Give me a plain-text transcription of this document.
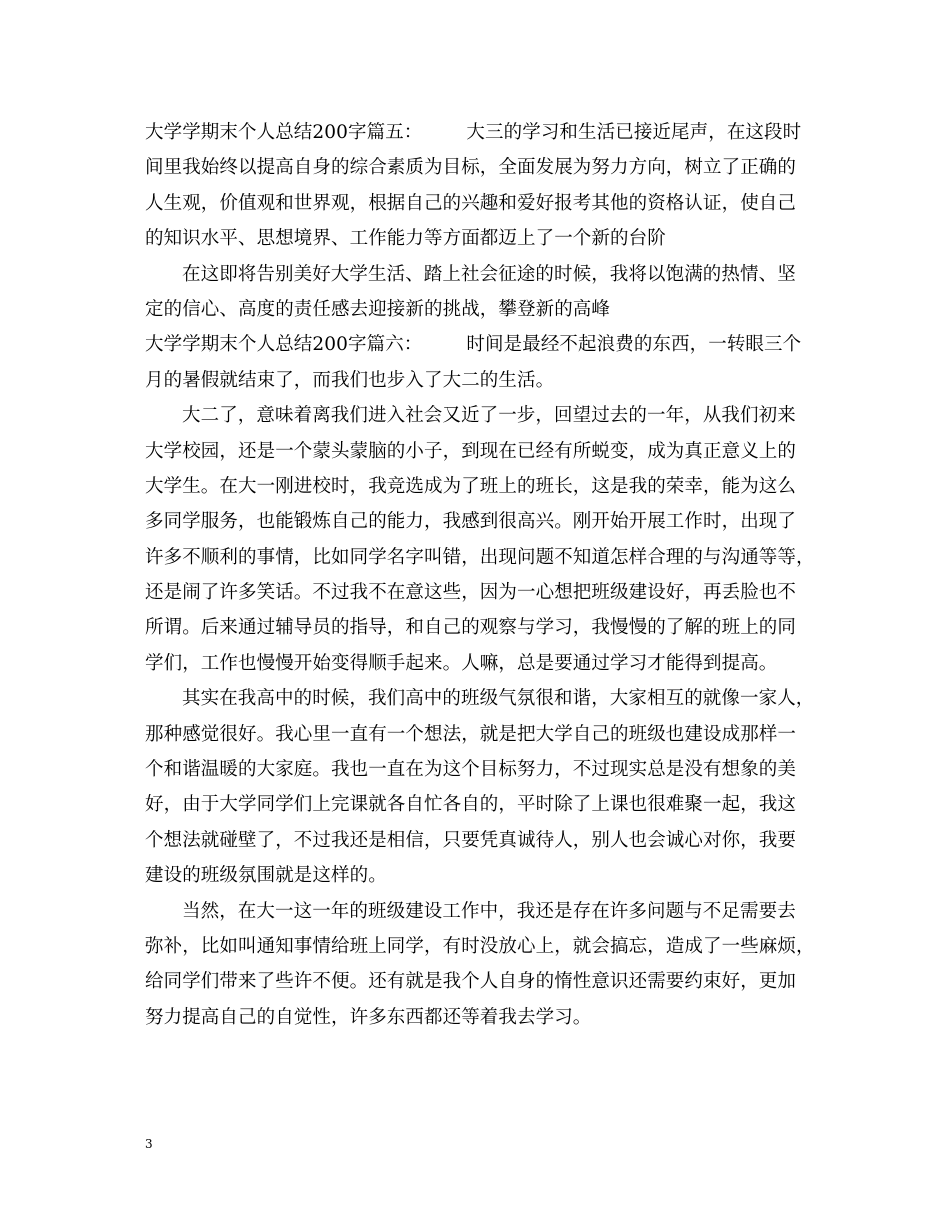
大学学期末个人总结200字篇五： 大三的学习和生活已接近尾声，在这段时
间里我始终以提高自身的综合素质为目标，全面发展为努力方向，树立了正确的
人生观，价值观和世界观，根据自己的兴趣和爱好报考其他的资格认证，使自己
的知识水平、思想境界、工作能力等方面都迈上了一个新的台阶
在这即将告别美好大学生活、踏上社会征途的时候，我将以饱满的热情、坚
定的信心、高度的责任感去迎接新的挑战，攀登新的高峰
大学学期末个人总结200字篇六： 时间是最经不起浪费的东西，一转眼三个
月的暑假就结束了，而我们也步入了大二的生活。
大二了，意味着离我们进入社会又近了一步，回望过去的一年，从我们初来
大学校园，还是一个蒙头蒙脑的小子，到现在已经有所蜕变，成为真正意义上的
大学生。在大一刚进校时，我竞选成为了班上的班长，这是我的荣幸，能为这么
多同学服务，也能锻炼自己的能力，我感到很高兴。刚开始开展工作时，出现了
许多不顺利的事情，比如同学名字叫错，出现问题不知道怎样合理的与沟通等等，
还是闹了许多笑话。不过我不在意这些，因为一心想把班级建设好，再丢脸也不
所谓。后来通过辅导员的指导，和自己的观察与学习，我慢慢的了解的班上的同
学们，工作也慢慢开始变得顺手起来。人嘛，总是要通过学习才能得到提高。
其实在我高中的时候，我们高中的班级气氛很和谐，大家相互的就像一家人，
那种感觉很好。我心里一直有一个想法，就是把大学自己的班级也建设成那样一
个和谐温暖的大家庭。我也一直在为这个目标努力，不过现实总是没有想象的美
好，由于大学同学们上完课就各自忙各自的，平时除了上课也很难聚一起，我这
个想法就碰壁了，不过我还是相信，只要凭真诚待人，别人也会诚心对你，我要
建设的班级氛围就是这样的。
当然，在大一这一年的班级建设工作中，我还是存在许多问题与不足需要去
弥补，比如叫通知事情给班上同学，有时没放心上，就会搞忘，造成了一些麻烦，
给同学们带来了些许不便。还有就是我个人自身的惰性意识还需要约束好，更加
努力提高自己的自觉性，许多东西都还等着我去学习。
3
